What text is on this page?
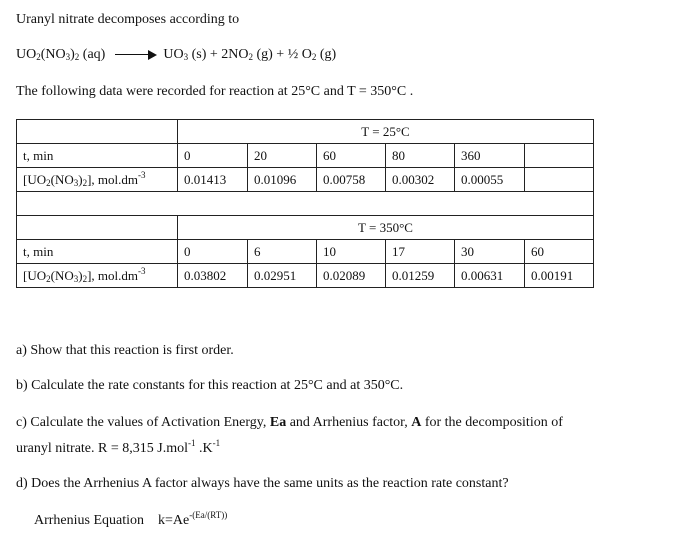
Uranyl nitrate decomposes according to
$UO_2(NO_3)_2$ (aq)	$UO_3$ $(s) + 2NO_2$ (g) + ½ $O_2$ (g)
The following data were recorded for reaction at 25°C and T = 350°C .
	T = 25°C					
t, min	0	20	60	80	360	
$[UO_2(NO_3)_2]$, $mol.dm^{-3}$	0.01413	0.01096	0.00758	0.00302	0.00055	

	T = 350°C					
t, min	0	6	10	17	30	60
$[UO_2(NO_3)_2]$, $mol.dm^{-3}$	0.03802	0.02951	0.02089	0.01259	0.00631	0.00191
a) Show that this reaction is first order.
b) Calculate the rate constants for this reaction at 25°C and at 350°C.
c) Calculate the values of Activation Energy, Ea and Arrhenius factor, A for the decomposition of
uranyl nitrate. R = 8,315 J.mol$^{-1}$ $.K^{-1}$
d) Does the Arrhenius A factor always have the same units as the reaction rate constant?
Arrhenius Equation $k=Ae^{-(Ea/(RT))}$
